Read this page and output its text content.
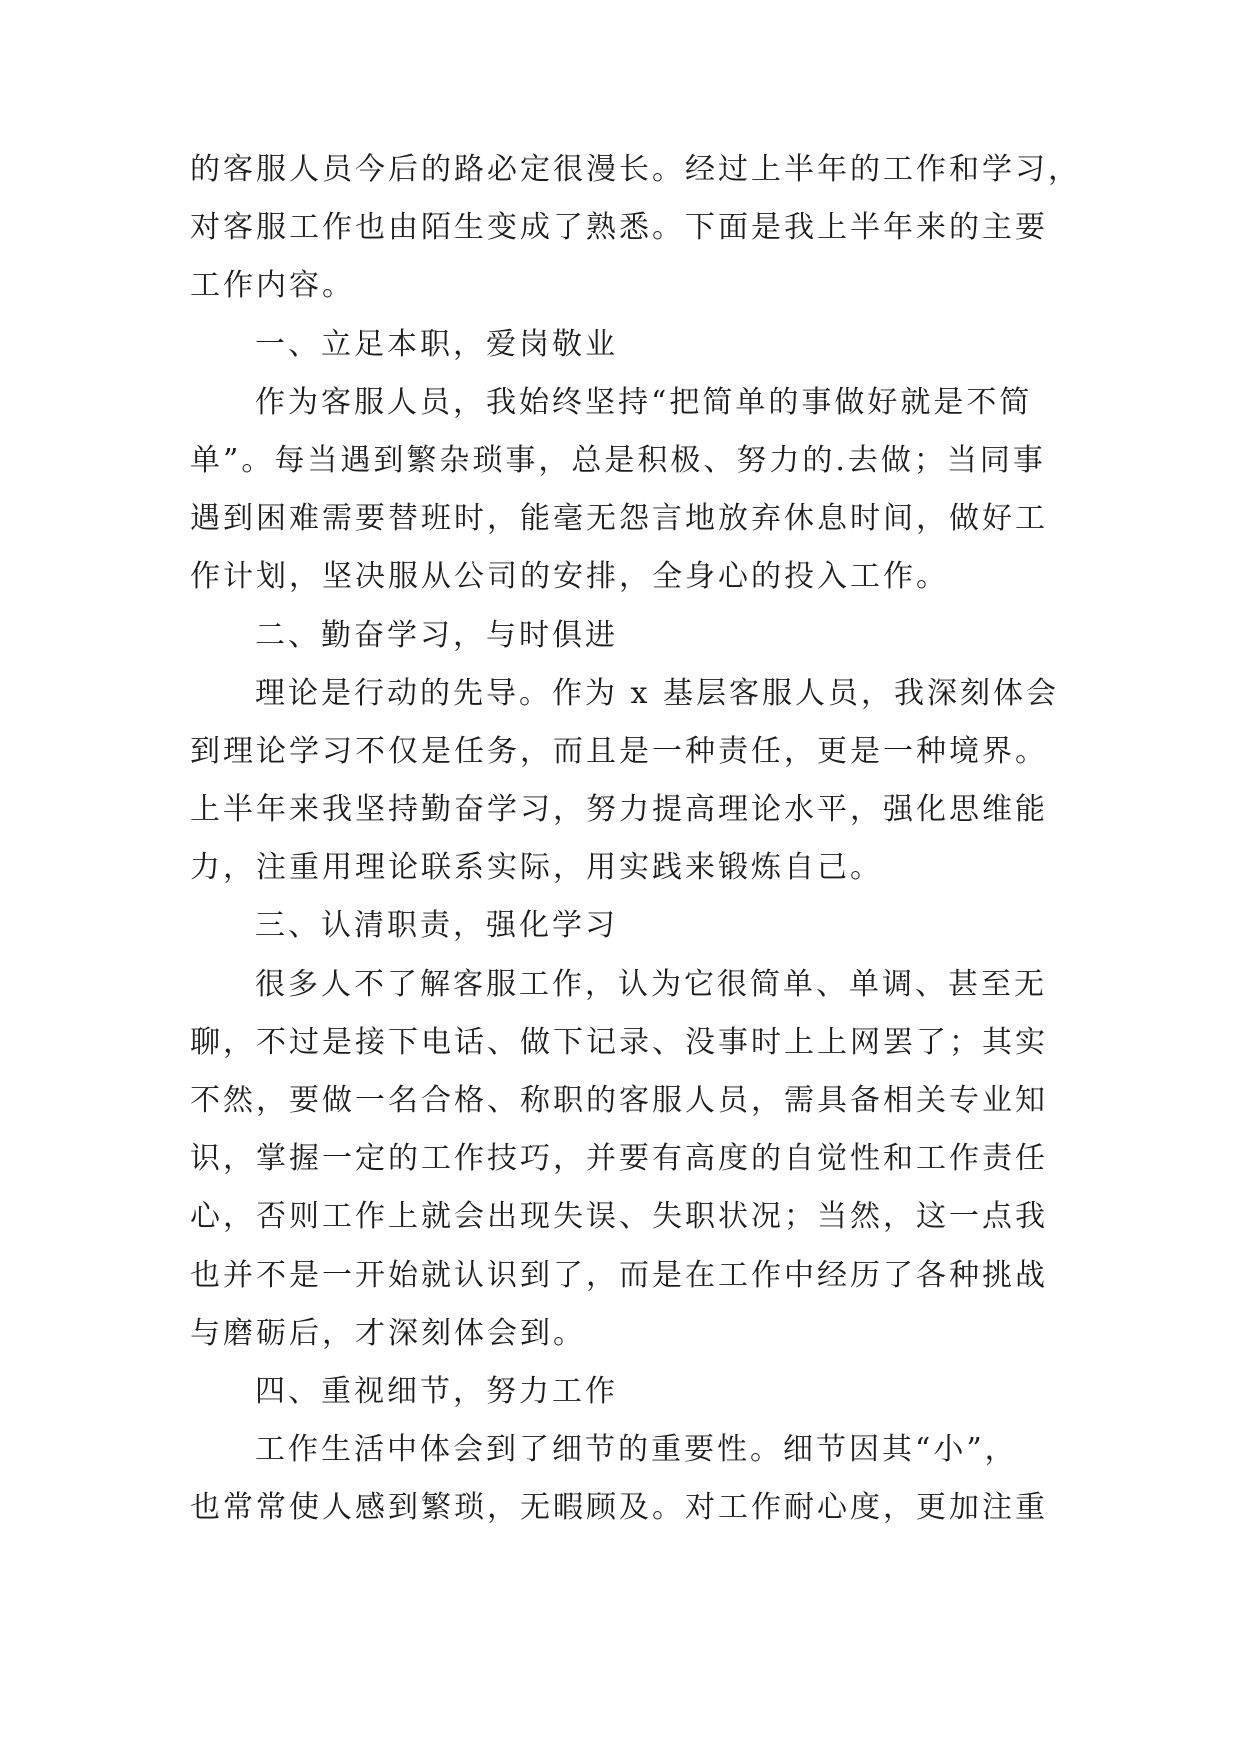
的客服人员今后的路必定很漫长。经过上半年的工作和学习，
对客服工作也由陌生变成了熟悉。下面是我上半年来的主要
工作内容。
一、立足本职，爱岗敬业
作为客服人员，我始终坚持“把简单的事做好就是不简
单”。每当遇到繁杂琐事，总是积极、努力的.去做；当同事
遇到困难需要替班时，能毫无怨言地放弃休息时间，做好工
作计划，坚决服从公司的安排，全身心的投入工作。
二、勤奋学习，与时俱进
理论是行动的先导。作为 x 基层客服人员，我深刻体会
到理论学习不仅是任务，而且是一种责任，更是一种境界。
上半年来我坚持勤奋学习，努力提高理论水平，强化思维能
力，注重用理论联系实际，用实践来锻炼自己。
三、认清职责，强化学习
很多人不了解客服工作，认为它很简单、单调、甚至无
聊，不过是接下电话、做下记录、没事时上上网罢了；其实
不然，要做一名合格、称职的客服人员，需具备相关专业知
识，掌握一定的工作技巧，并要有高度的自觉性和工作责任
心，否则工作上就会出现失误、失职状况；当然，这一点我
也并不是一开始就认识到了，而是在工作中经历了各种挑战
与磨砺后，才深刻体会到。
四、重视细节，努力工作
工作生活中体会到了细节的重要性。细节因其“小”，
也常常使人感到繁琐，无暇顾及。对工作耐心度，更加注重
